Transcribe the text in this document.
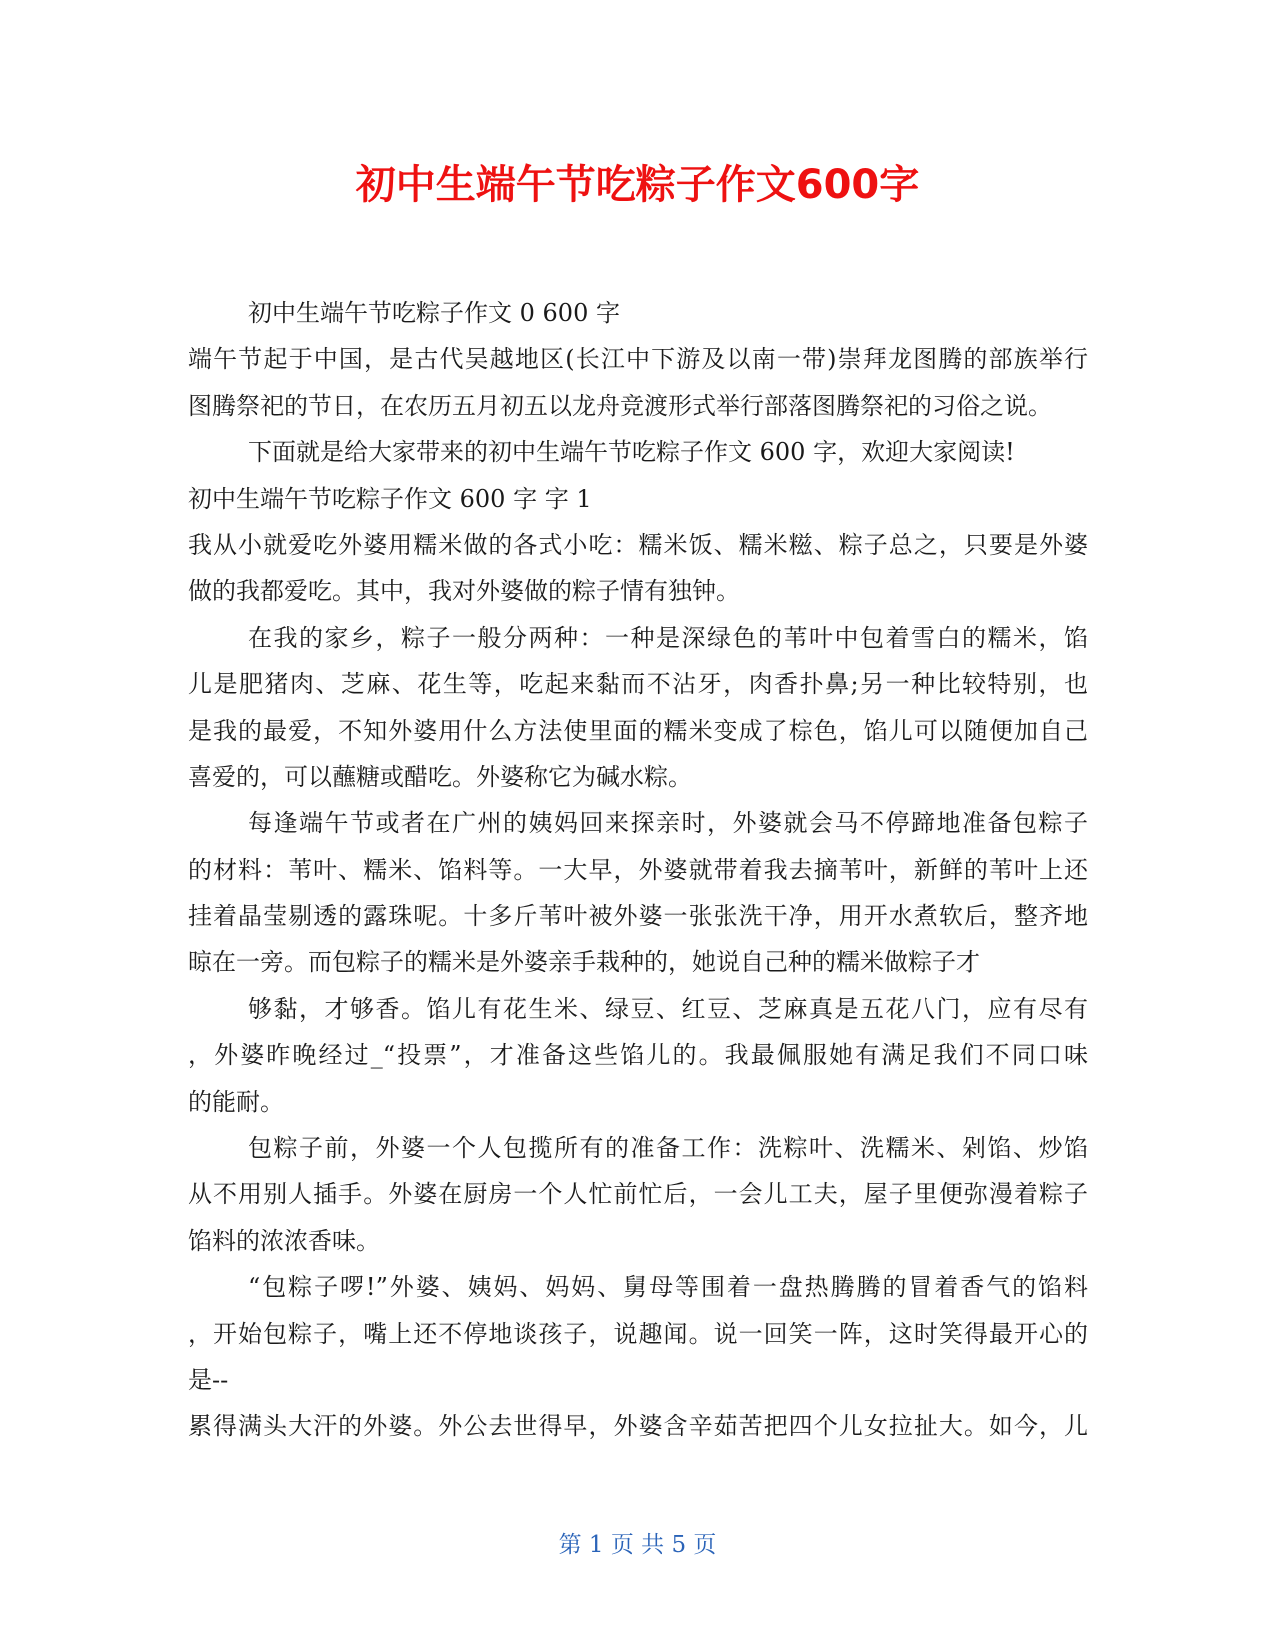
初中生端午节吃粽子作文600字
初中生端午节吃粽子作文 0 600 字
端午节起于中国，是古代吴越地区(长江中下游及以南一带)崇拜龙图腾的部族举行
图腾祭祀的节日，在农历五月初五以龙舟竞渡形式举行部落图腾祭祀的习俗之说。
下面就是给大家带来的初中生端午节吃粽子作文 600 字，欢迎大家阅读!
初中生端午节吃粽子作文 600 字 字 1
我从小就爱吃外婆用糯米做的各式小吃：糯米饭、糯米糍、粽子总之，只要是外婆
做的我都爱吃。其中，我对外婆做的粽子情有独钟。
在我的家乡，粽子一般分两种：一种是深绿色的苇叶中包着雪白的糯米，馅
儿是肥猪肉、芝麻、花生等，吃起来黏而不沾牙，肉香扑鼻;另一种比较特别，也
是我的最爱，不知外婆用什么方法使里面的糯米变成了棕色，馅儿可以随便加自己
喜爱的，可以蘸糖或醋吃。外婆称它为碱水粽。
每逢端午节或者在广州的姨妈回来探亲时，外婆就会马不停蹄地准备包粽子
的材料：苇叶、糯米、馅料等。一大早，外婆就带着我去摘苇叶，新鲜的苇叶上还
挂着晶莹剔透的露珠呢。十多斤苇叶被外婆一张张洗干净，用开水煮软后，整齐地
晾在一旁。而包粽子的糯米是外婆亲手栽种的，她说自己种的糯米做粽子才
够黏，才够香。馅儿有花生米、绿豆、红豆、芝麻真是五花八门，应有尽有
，外婆昨晚经过_“投票”，才准备这些馅儿的。我最佩服她有满足我们不同口味
的能耐。
包粽子前，外婆一个人包揽所有的准备工作：洗粽叶、洗糯米、剁馅、炒馅
从不用别人插手。外婆在厨房一个人忙前忙后，一会儿工夫，屋子里便弥漫着粽子
馅料的浓浓香味。
“包粽子啰!”外婆、姨妈、妈妈、舅母等围着一盘热腾腾的冒着香气的馅料
，开始包粽子，嘴上还不停地谈孩子，说趣闻。说一回笑一阵，这时笑得最开心的
是--
累得满头大汗的外婆。外公去世得早，外婆含辛茹苦把四个儿女拉扯大。如今，儿
第 1 页 共 5 页
